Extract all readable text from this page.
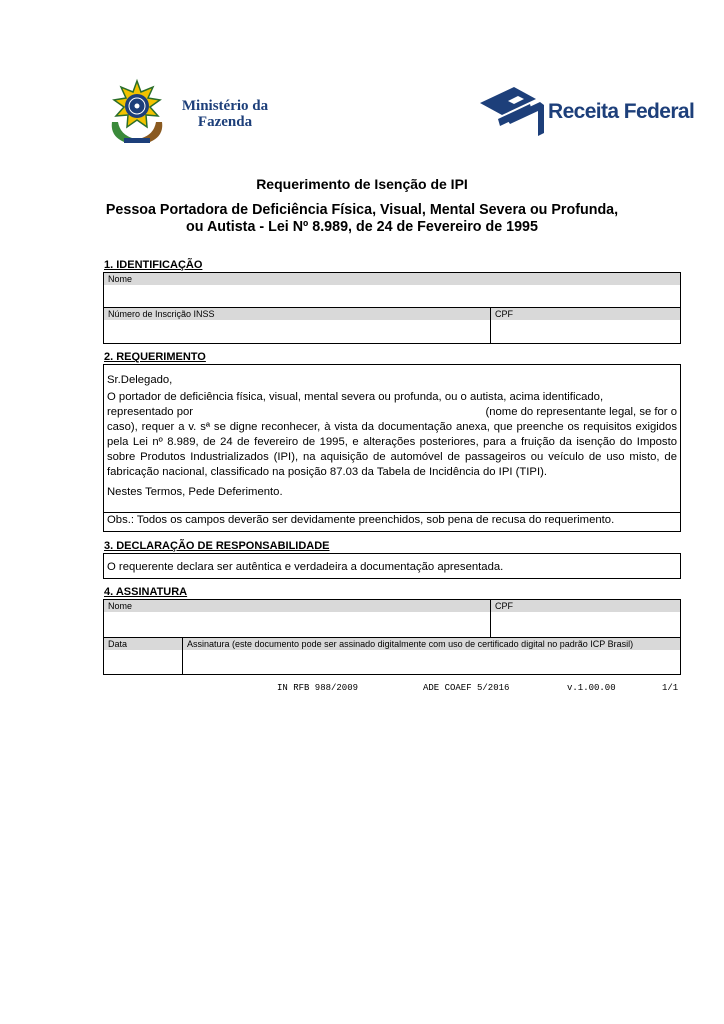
Ministério da
Fazenda	Receita Federal
Requerimento de Isenção de IPI
Pessoa Portadora de Deficiência Física, Visual, Mental Severa ou Profunda,
ou Autista - Lei Nº 8.989, de 24 de Fevereiro de 1995
1. IDENTIFICAÇÃO
Nome
Número de Inscrição INSS	CPF
2. REQUERIMENTO

Sr.Delegado,

O portador de deficiência física, visual, mental severa ou profunda, ou o autista, acima identificado,

representado por	(nome do representante legal, se for o

caso), requer a v. sª se digne reconhecer, à vista da documentação anexa, que preenche os requisitos exigidos pela Lei nº 8.989, de 24 de fevereiro de 1995, e alterações posteriores, para a fruição da isenção do Imposto sobre Produtos Industrializados (IPI), na aquisição de automóvel de passageiros ou veículo de uso misto, de fabricação nacional, classificado na posição 87.03 da Tabela de Incidência do IPI (TIPI).

Nestes Termos, Pede Deferimento.

Obs.: Todos os campos deverão ser devidamente preenchidos, sob pena de recusa do requerimento.
3. DECLARAÇÃO DE RESPONSABILIDADE
O requerente declara ser autêntica e verdadeira a documentação apresentada.
4. ASSINATURA
Nome	CPF
Data	Assinatura (este documento pode ser assinado digitalmente com uso de certificado digital no padrão ICP Brasil)
IN RFB 988/2009	ADE COAEF 5/2016	v.1.00.00	1/1
